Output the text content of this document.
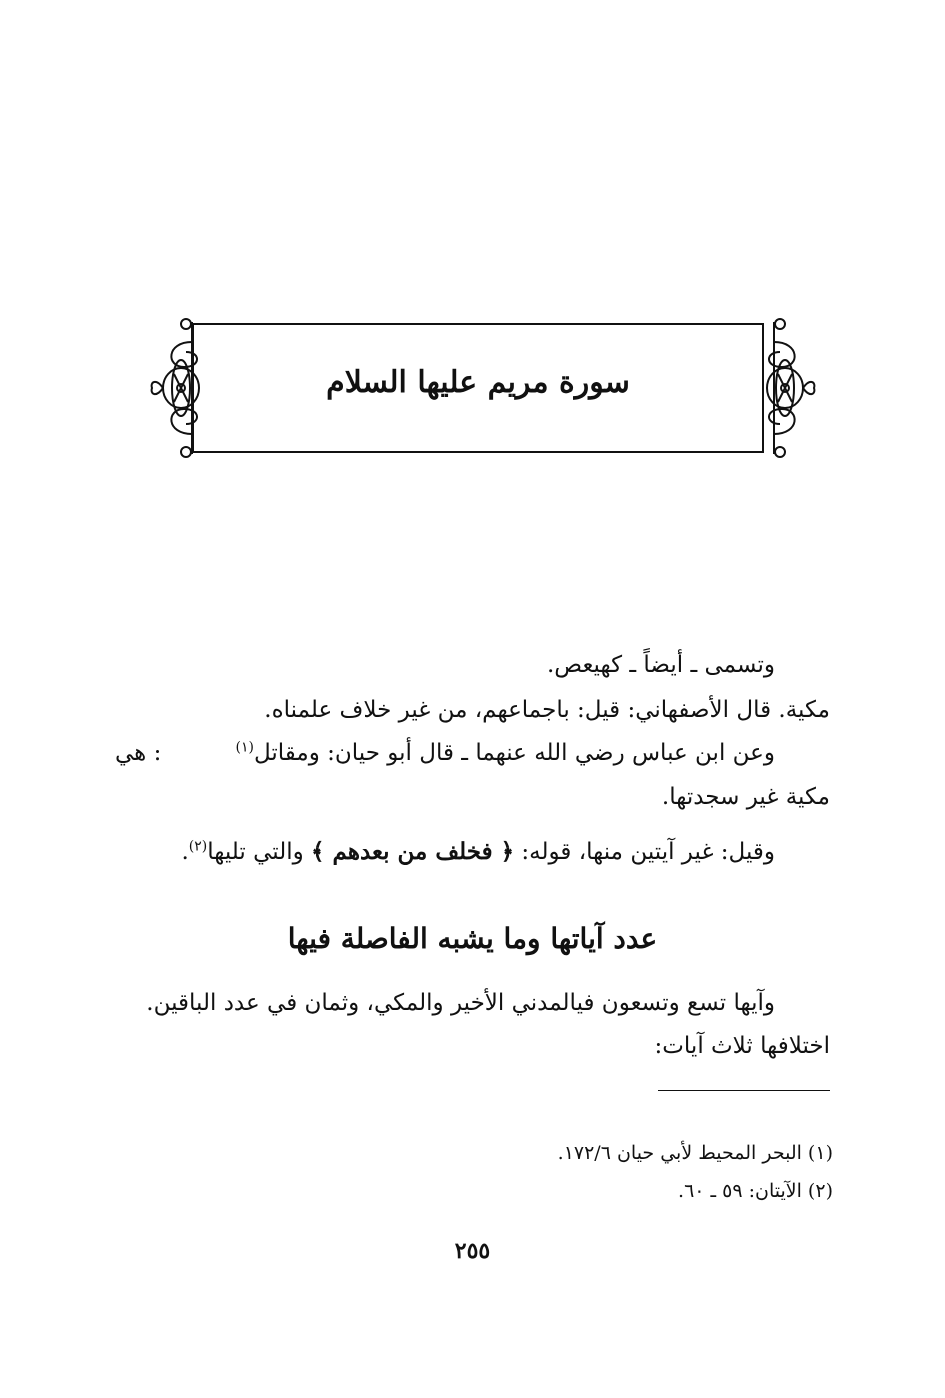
سورة مريم عليها السلام
وتسمى ـ أيضاً ـ كهيعص.
مكية. قال الأصفهاني: قيل: باجماعهم، من غير خلاف علمناه.
وعن ابن عباس رضي الله عنهما ـ قال أبو حيان: ومقاتل$^{(١)}$
: هي
مكية غير سجدتها.
وقيل: غير آيتين منها، قوله: ﴿ فخلف من بعدهم ﴾ والتي تليها$^{(٢)}$.
عدد آياتها وما يشبه الفاصلة فيها
وآيها تسع وتسعون فيالمدني الأخير والمكي، وثمان في عدد الباقين.
اختلافها ثلاث آيات:
(١) البحر المحيط لأبي حيان ١٧٢/٦.
(٢) الآيتان: ٥٩ ـ ٦٠.
٢٥٥
